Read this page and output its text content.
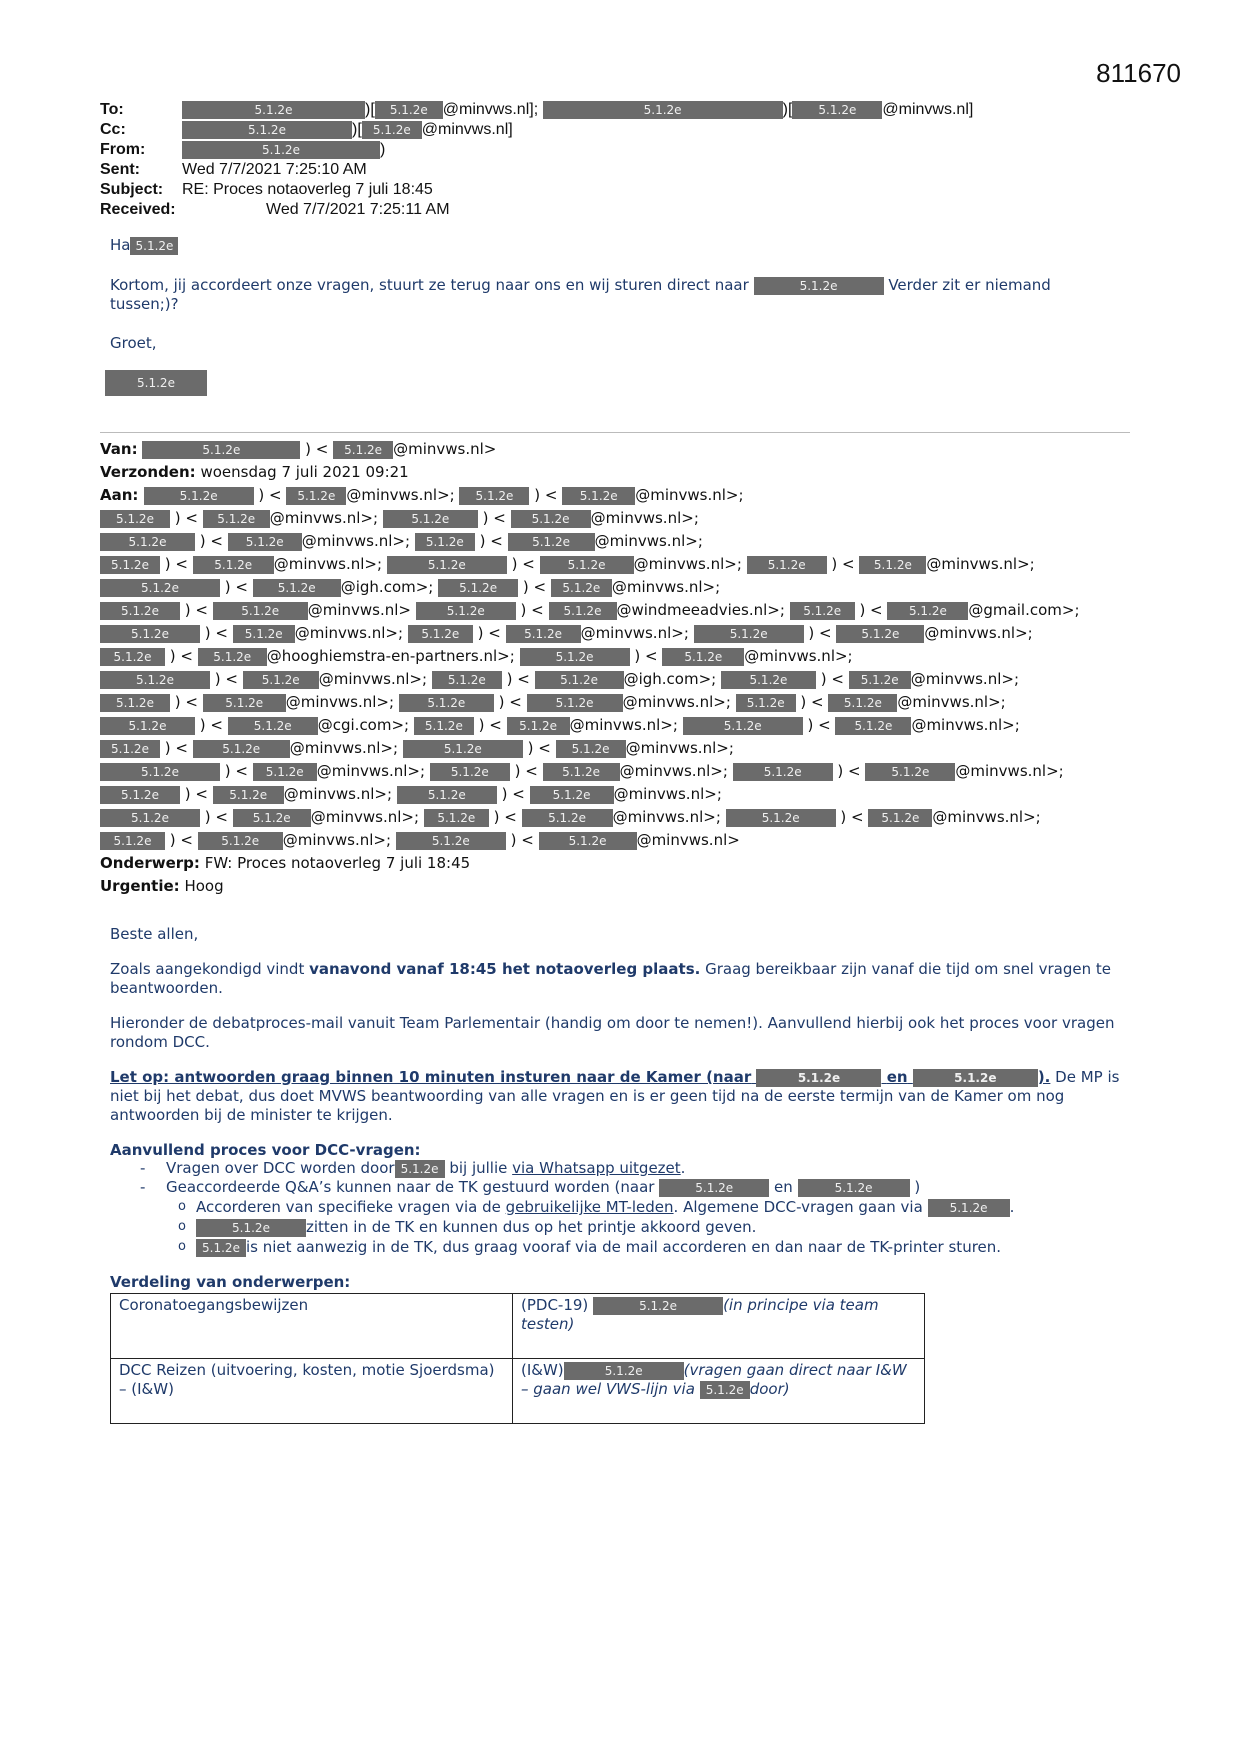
811670
To:	5.1.2e	)[ 5.1.2e @minvws.nl];	5.1.2e	)[ 5.1.2e @minvws.nl]
Cc:	5.1.2e	)[ 5.1.2e @minvws.nl]
From:	5.1.2e	)
Sent:	Wed 7/7/2021 7:25:10 AM
Subject: RE: Proces notaoverleg 7 juli 18:45
Received:	Wed 7/7/2021 7:25:11 AM
Ha 5.1.2e
Kortom, jij accordeert onze vragen, stuurt ze terug naar ons en wij sturen direct naar	5.1.2e	Verder zit er niemand tussen;)?
Groet,
5.1.2e
Van:	5.1.2e	) < 5.1.2e @minvws.nl>
Verzonden: woensdag 7 juli 2021 09:21
Aan:	5.1.2e ) < 5.1.2e @minvws.nl>; 5.1.2e ) < 5.1.2e @minvws.nl>;
5.1.2e ) < 5.1.2e @minvws.nl>; 5.1.2e ) < 5.1.2e @minvws.nl>;
5.1.2e ) < 5.1.2e @minvws.nl>; 5.1.2e ) < 5.1.2e @minvws.nl>;
5.1.2e ) < 5.1.2e @minvws.nl>;	5.1.2e	) < 5.1.2e @minvws.nl>; 5.1.2e ) < 5.1.2e @minvws.nl>;
5.1.2e	) < 5.1.2e @igh.com>; 5.1.2e ) < 5.1.2e @minvws.nl>;
5.1.2e ) < 5.1.2e @minvws.nl>	5.1.2e ) < 5.1.2e @windmeeadvies.nl>; 5.1.2e ) < 5.1.2e @gmail.com>;
5.1.2e ) < 5.1.2e @minvws.nl>; 5.1.2e ) < 5.1.2e @minvws.nl>;	5.1.2e ) < 5.1.2e @minvws.nl>;
5.1.2e ) < 5.1.2e @hooghiemstra-en-partners.nl>;	5.1.2e ) < 5.1.2e @minvws.nl>;
5.1.2e ) < 5.1.2e @minvws.nl>; 5.1.2e ) < 5.1.2e @igh.com>; 5.1.2e ) < 5.1.2e @minvws.nl>;
5.1.2e ) < 5.1.2e @minvws.nl>; 5.1.2e ) < 5.1.2e @minvws.nl>; 5.1.2e ) < 5.1.2e @minvws.nl>;
5.1.2e ) < 5.1.2e @cgi.com>; 5.1.2e ) < 5.1.2e @minvws.nl>;	5.1.2e	) < 5.1.2e @minvws.nl>;
5.1.2e ) < 5.1.2e @minvws.nl>;	5.1.2e	) < 5.1.2e @minvws.nl>;
5.1.2e	) < 5.1.2e @minvws.nl>; 5.1.2e ) < 5.1.2e @minvws.nl>;	5.1.2e ) < 5.1.2e @minvws.nl>;
5.1.2e ) < 5.1.2e @minvws.nl>;	5.1.2e ) < 5.1.2e @minvws.nl>;
5.1.2e ) < 5.1.2e @minvws.nl>; 5.1.2e ) < 5.1.2e @minvws.nl>;	5.1.2e ) < 5.1.2e @minvws.nl>;
5.1.2e ) < 5.1.2e @minvws.nl>;	5.1.2e ) <	5.1.2e @minvws.nl>
Onderwerp: FW: Proces notaoverleg 7 juli 18:45
Urgentie: Hoog

Beste allen,

Zoals aangekondigd vindt vanavond vanaf 18:45 het notaoverleg plaats. Graag bereikbaar zijn vanaf die tijd om snel vragen te beantwoorden.

Hieronder de debatproces-mail vanuit Team Parlementair (handig om door te nemen!). Aanvullend hierbij ook het proces voor vragen rondom DCC.

Let op: antwoorden graag binnen 10 minuten insturen naar de Kamer (naar	5.1.2e	en	5.1.2e	). De MP is niet bij het debat, dus doet MVWS beantwoording van alle vragen en is er geen tijd na de eerste termijn van de Kamer om nog antwoorden bij de minister te krijgen.

Aanvullend proces voor DCC-vragen:
- Vragen over DCC worden door 5.1.2e bij jullie via Whatsapp uitgezet.
- Geaccordeerde Q&A’s kunnen naar de TK gestuurd worden (naar	5.1.2e	en	5.1.2e	)
o Accorderen van specifieke vragen via de gebruikelijke MT-leden. Algemene DCC-vragen gaan via 5.1.2e .
o 5.1.2e zitten in de TK en kunnen dus op het printje akkoord geven.
o 5.1.2e is niet aanwezig in de TK, dus graag vooraf via de mail accorderen en dan naar de TK-printer sturen.
Verdeling van onderwerpen:
Coronatoegangsbewijzen	(PDC-19) 5.1.2e (in principe via team testen)
DCC Reizen (uitvoering, kosten, motie Sjoerdsma) – (I&W)	(I&W) 5.1.2e (vragen gaan direct naar I&W – gaan wel VWS-lijn via 5.1.2e door)
